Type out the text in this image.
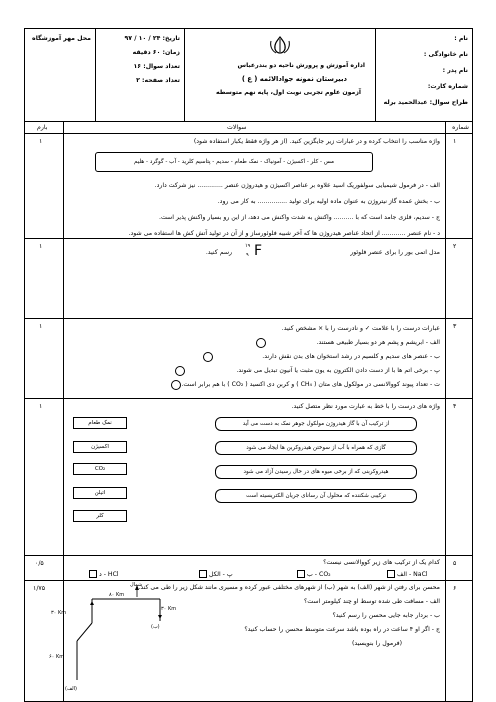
نام :
نام خانوادگی :
نام پدر :
شماره کارت:
طراح سوال: عبدالحمید برله
اداره آموزش و پرورش ناحیه دو بندرعباس
دبیرستان نمونه جوادالائمه ( ع )
آزمون علوم تجربی نوبت اول، پایه نهم متوسطه
تاریخ: ۲۴ / ۱۰ / ۹۷
زمان: ۶۰ دقیقه
تعداد سوال: ۱۶
تعداد صفحه: ۲
محل مهر آموزشگاه
شماره
سوالات
بارم
۱
۱	واژه مناسب را انتخاب کرده و در عبارات زیر جایگزین کنید. (از هر واژه فقط یکبار استفاده شود)
مس - کلر - اکسیژن - آمونیاک - نمک طعام - سدیم - پتاسیم کلرید - آب - گوگرد - هلیم
الف - در فرمول شیمیایی سولفوریک اسید علاوه بر عناصر اکسیژن و هیدروژن عنصر ............. نیز شرکت دارد.
ب - بخش عمده گاز نیتروژن به عنوان ماده اولیه برای تولید ............... به کار می رود.
ج - سدیم، فلزی جامد است که با .......... واکنش به شدت واکنش می دهد، از این رو بسیار واکنش پذیر است.
د - نام عنصر ............ از اتحاد عناصر هیدروژن ها که آخر شبیه فلوئورساز و از آن در تولید آتش کش ها استفاده می شود.
۲
۱
مدل اتمی بور را برای عنصر فلوئور
۱۹
۹ F
رسم کنید.
۳
۱	عبارات درست را با علامت ✓ و نادرست را با × مشخص کنید.
الف - ابریشم و پشم هر دو بسیار طبیعی هستند.
ب - عنصر های سدیم و کلسیم در رشد استخوان های بدن نقش دارند.
پ - برخی اتم ها با از دست دادن الکترون به یون مثبت یا آنیون تبدیل می شوند.
ت - تعداد پیوند کووالانسی در مولکول های متان ( CH₄ ) و کربن دی اکسید ( CO₂ ) با هم برابر است.
۴
۱	واژه های درست را با خط به عبارت مورد نظر متصل کنید.
نمک طعام
اکسیژن
CO₂
اتیلن
کلر
از ترکیب آن با گاز هیدروژن مولکول جوهر نمک به دست می آید
گازی که همراه با آب از سوختن هیدروکربن ها ایجاد می شود
هیدروکربنی که از برخی میوه های در حال رسیدن آزاد می شود
ترکیبی شکننده که محلول آن رسانای جریان الکتریسیته است
۵
۰/۵	کدام یک از ترکیب های زیر کووالانسی نیست؟
الف - NaCl
ب - CO₂
پ - الکل
د - HCl
۶
۱/۷۵	محسن برای رفتن از شهر (الف) به شهر (ب) از شهرهای مختلفی عبور کرده و مسیری مانند شکل زیر را طی می کند.
الف - مسافت طی شده توسط او چند کیلومتر است؟
ب - بردار جابه جایی محسن را رسم کنید؟
ج - اگر او ۴ ساعت در راه بوده باشد سرعت متوسط محسن را حساب کنید؟
(فرمول را بنویسید)
شمال
۸۰ Km
۳۰ Km
۳۰ Km
۶۰ Km
(ب)
(الف)
